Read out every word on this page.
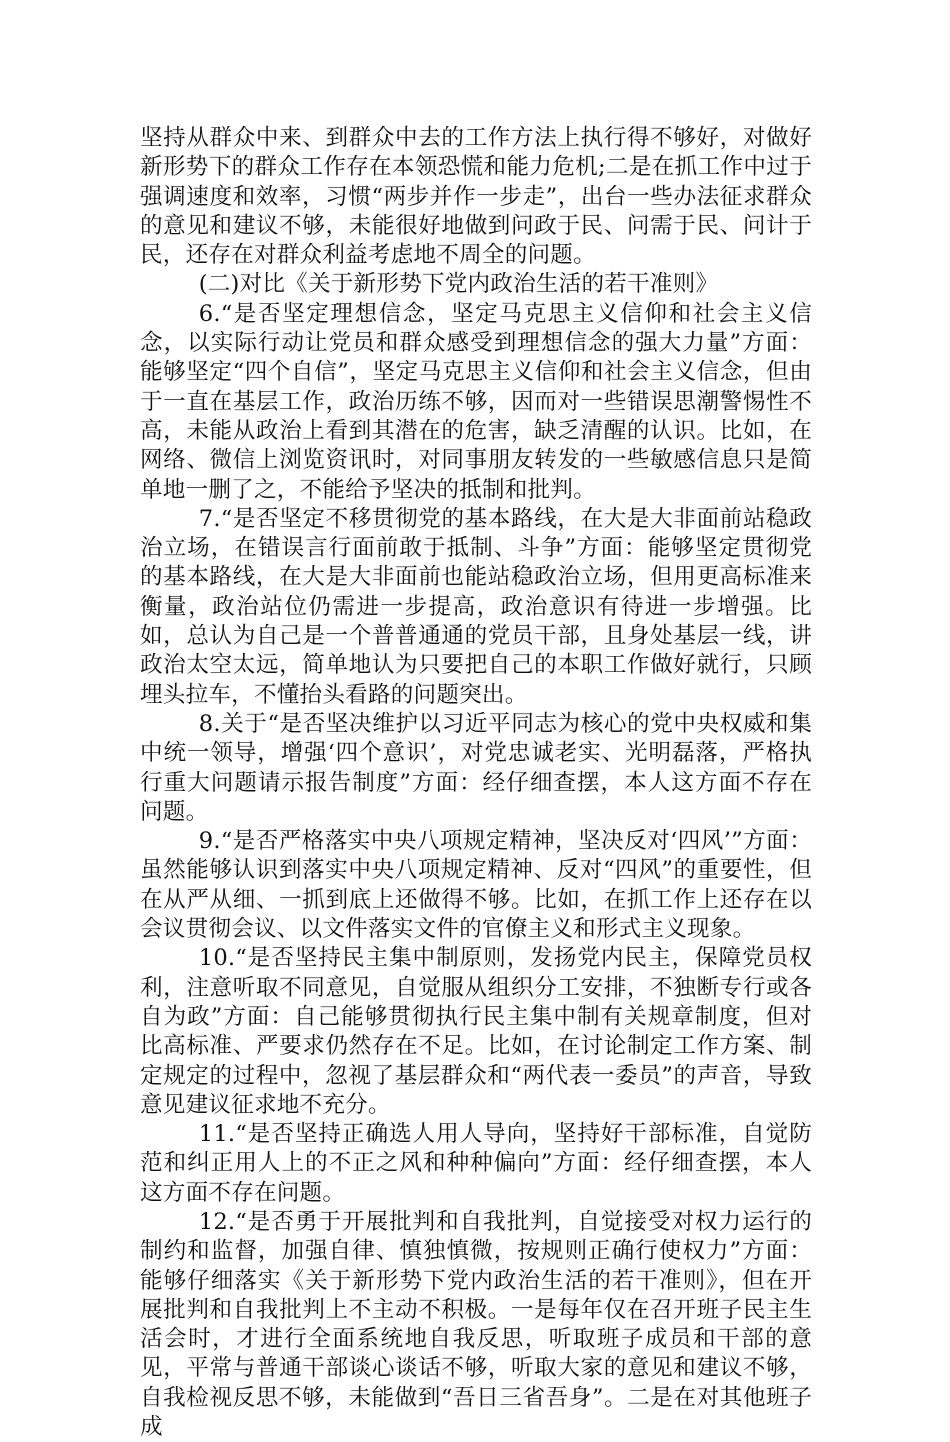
坚持从群众中来、到群众中去的工作方法上执行得不够好，对做好新形势下的群众工作存在本领恐慌和能力危机;二是在抓工作中过于强调速度和效率，习惯“两步并作一步走”，出台一些办法征求群众的意见和建议不够，未能很好地做到问政于民、问需于民、问计于民，还存在对群众利益考虑地不周全的问题。

(二)对比《关于新形势下党内政治生活的若干准则》

6.“是否坚定理想信念，坚定马克思主义信仰和社会主义信念，以实际行动让党员和群众感受到理想信念的强大力量”方面：能够坚定“四个自信”，坚定马克思主义信仰和社会主义信念，但由于一直在基层工作，政治历练不够，因而对一些错误思潮警惕性不高，未能从政治上看到其潜在的危害，缺乏清醒的认识。比如，在网络、微信上浏览资讯时，对同事朋友转发的一些敏感信息只是简单地一删了之，不能给予坚决的抵制和批判。

7.“是否坚定不移贯彻党的基本路线，在大是大非面前站稳政治立场，在错误言行面前敢于抵制、斗争”方面：能够坚定贯彻党的基本路线，在大是大非面前也能站稳政治立场，但用更高标准来衡量，政治站位仍需进一步提高，政治意识有待进一步增强。比如，总认为自己是一个普普通通的党员干部，且身处基层一线，讲政治太空太远，简单地认为只要把自己的本职工作做好就行，只顾埋头拉车，不懂抬头看路的问题突出。

8.关于“是否坚决维护以习近平同志为核心的党中央权威和集中统一领导，增强‘四个意识’，对党忠诚老实、光明磊落，严格执行重大问题请示报告制度”方面：经仔细查摆，本人这方面不存在问题。

9.“是否严格落实中央八项规定精神，坚决反对‘四风’”方面：虽然能够认识到落实中央八项规定精神、反对“四风”的重要性，但在从严从细、一抓到底上还做得不够。比如，在抓工作上还存在以会议贯彻会议、以文件落实文件的官僚主义和形式主义现象。

10.“是否坚持民主集中制原则，发扬党内民主，保障党员权利，注意听取不同意见，自觉服从组织分工安排，不独断专行或各自为政”方面：自己能够贯彻执行民主集中制有关规章制度，但对比高标准、严要求仍然存在不足。比如，在讨论制定工作方案、制定规定的过程中，忽视了基层群众和“两代表一委员”的声音，导致意见建议征求地不充分。

11.“是否坚持正确选人用人导向，坚持好干部标准，自觉防范和纠正用人上的不正之风和种种偏向”方面：经仔细查摆，本人这方面不存在问题。

12.“是否勇于开展批判和自我批判，自觉接受对权力运行的制约和监督，加强自律、慎独慎微，按规则正确行使权力”方面：能够仔细落实《关于新形势下党内政治生活的若干准则》，但在开展批判和自我批判上不主动不积极。一是每年仅在召开班子民主生活会时，才进行全面系统地自我反思，听取班子成员和干部的意见，平常与普通干部谈心谈话不够，听取大家的意见和建议不够，自我检视反思不够，未能做到“吾日三省吾身”。二是在对其他班子成
